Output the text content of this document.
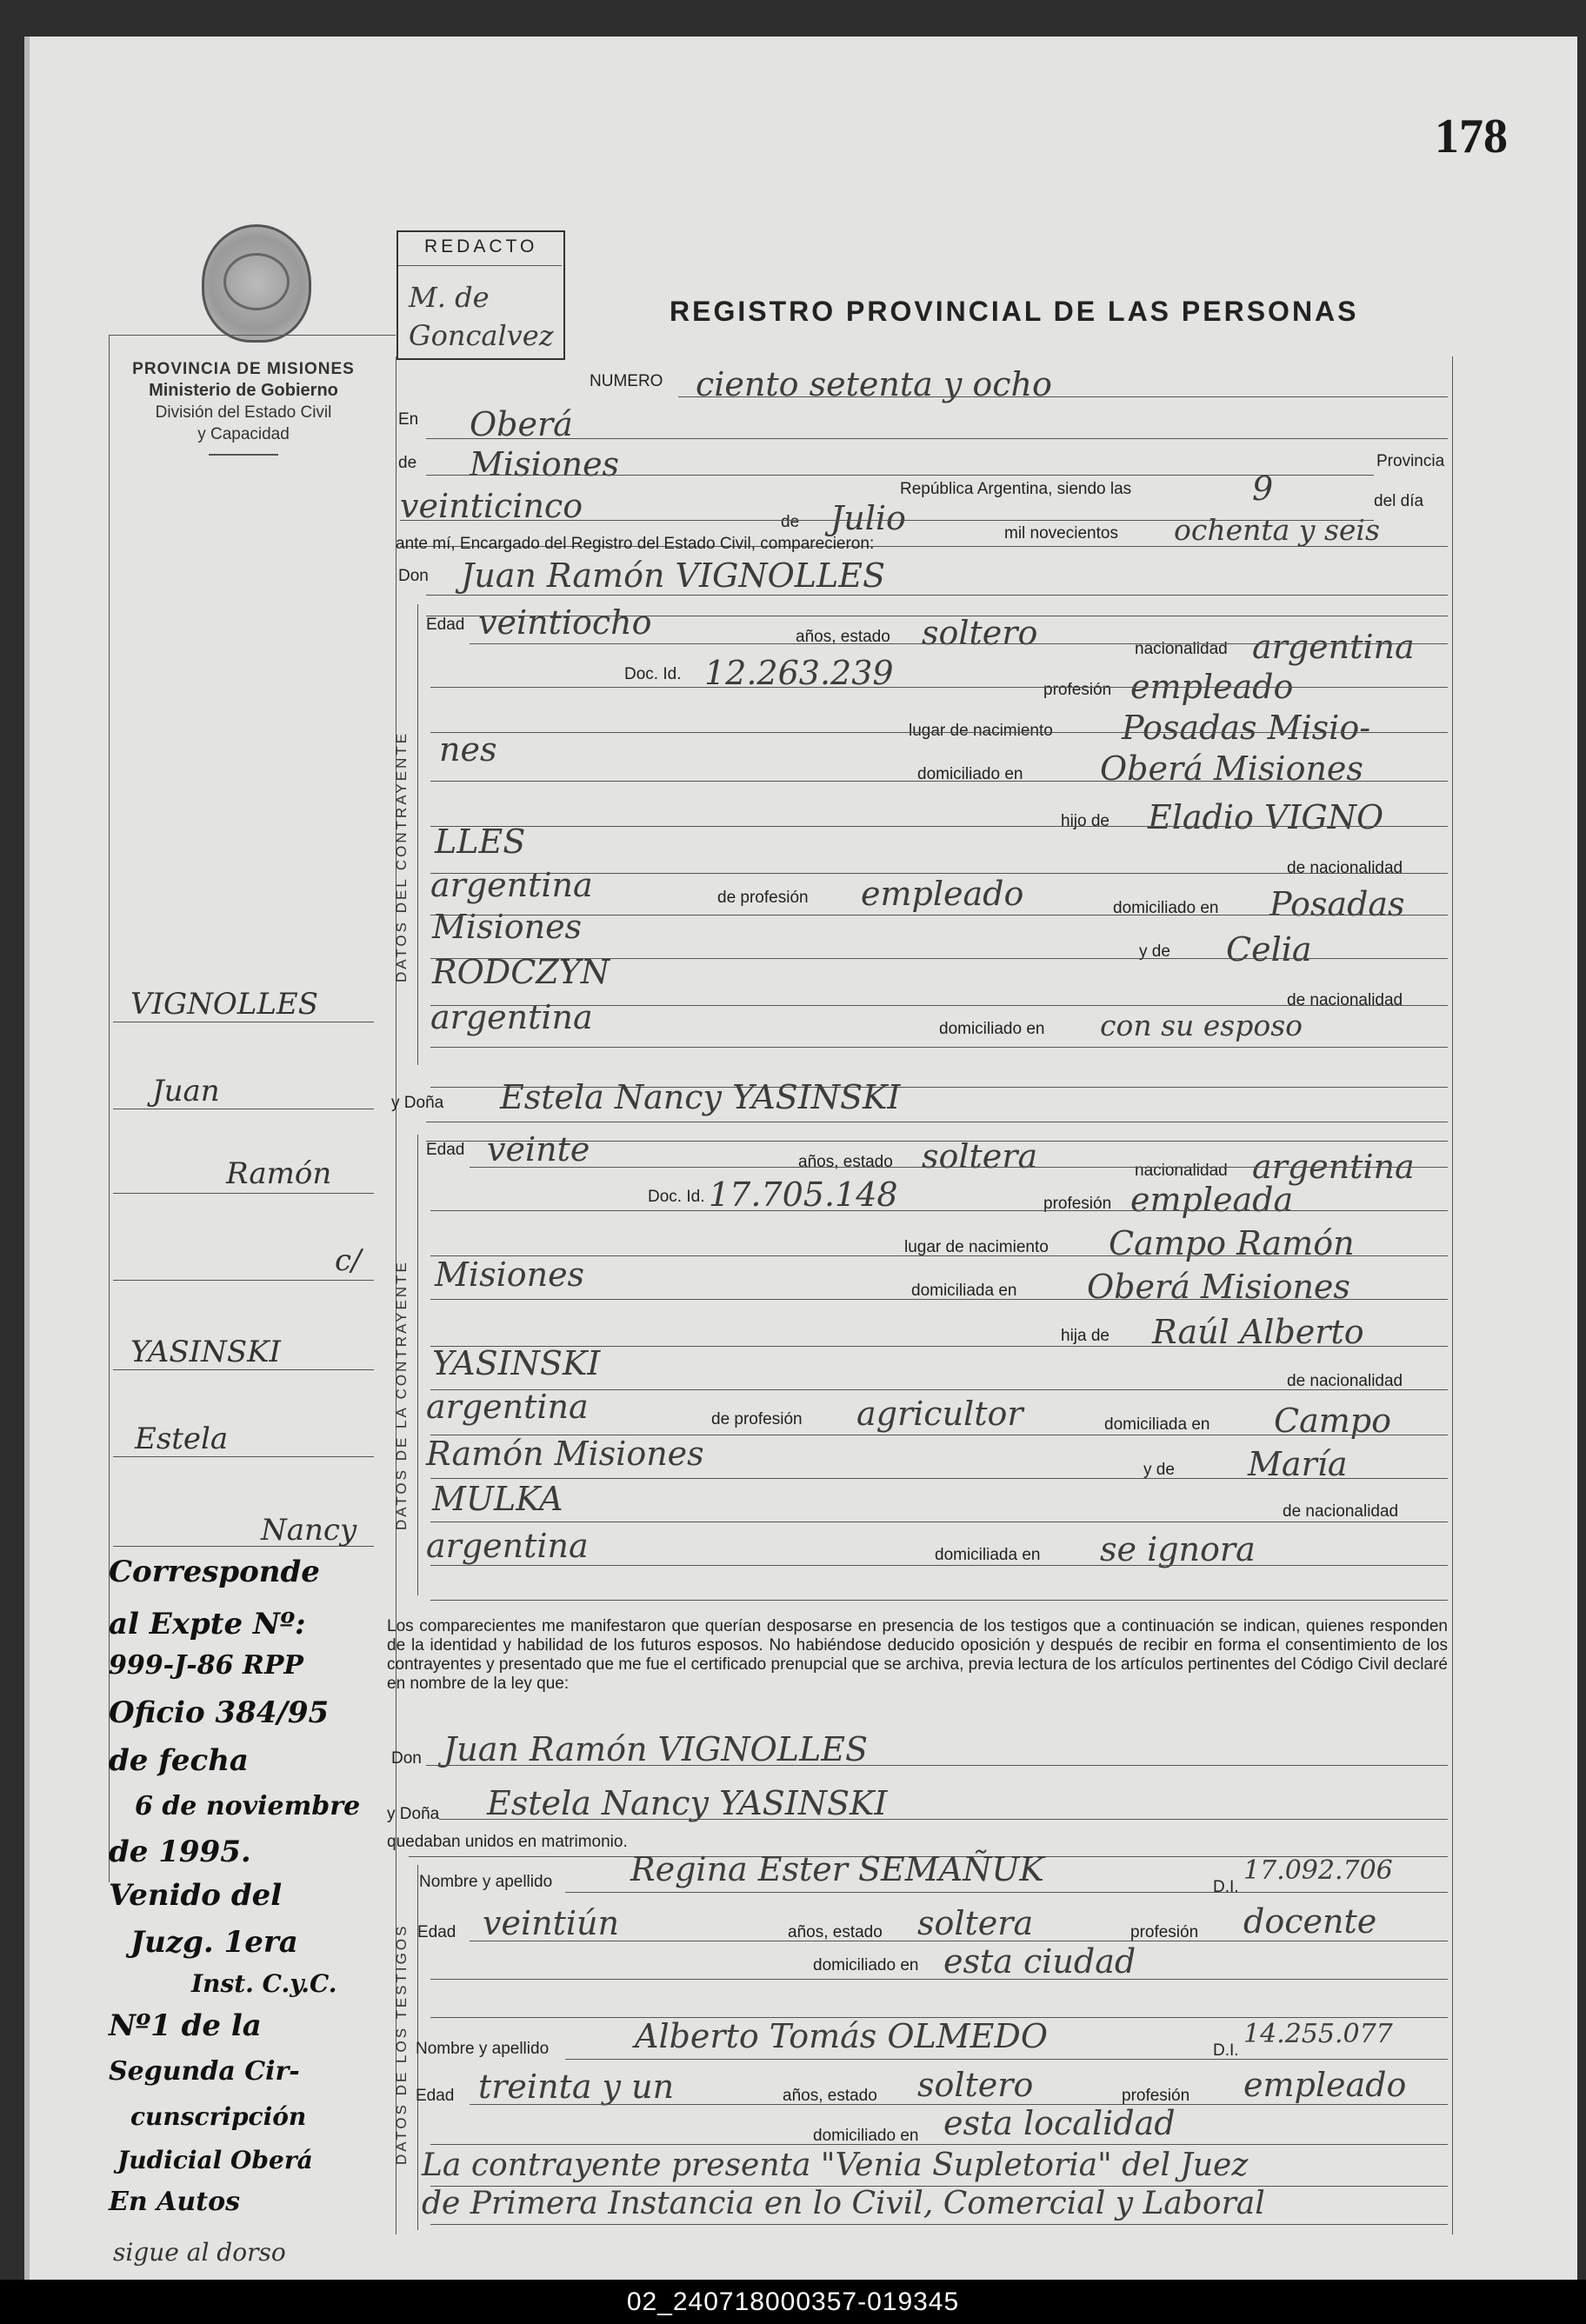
178
PROVINCIA DE MISIONES
Ministerio de Gobierno
División del Estado Civil
y Capacidad
REDACTO
M. de Goncalvez
REGISTRO PROVINCIAL DE LAS PERSONAS
NUMERO ciento setenta y ocho
En Oberá
de Misiones	Provincia
República Argentina, siendo las	9	del día
veinticinco	de Julio	mil novecientos ochenta y seis
ante mí, Encargado del Registro del Estado Civil, comparecieron:
Don Juan Ramón VIGNOLLES
DATOS DEL CONTRAYENTE
Edad veintiocho	años, estado soltero	nacionalidad argentina
Doc. Id. 12.263.239	profesión empleado
lugar de nacimiento Posadas Misio-
nes
domiciliado en Oberá Misiones
hijo de Eladio VIGNO
LLES
de nacionalidad
argentina	de profesión empleado	domiciliado en Posadas
Misiones
y de Celia
RODCZYN
de nacionalidad
argentina	domiciliado en con su esposo
y Doña Estela Nancy YASINSKI
DATOS DE LA CONTRAYENTE
Edad veinte	años, estado soltera	nacionalidad argentina
Doc. Id. 17.705.148	profesión empleada
lugar de nacimiento Campo Ramón
Misiones	domiciliada en Oberá Misiones
hija de Raúl Alberto
YASINSKI	de nacionalidad
argentina	de profesión agricultor	domiciliada en Campo
Ramón Misiones	y de María
MULKA	de nacionalidad
argentina	domiciliada en se ignora
Los comparecientes me manifestaron que querían desposarse en presencia de los testigos que a continuación se indican, quienes responden de la identidad y habilidad de los futuros esposos. No habiéndose deducido oposición y después de recibir en forma el consentimiento de los contrayentes y presentado que me fue el certificado prenupcial que se archiva, previa lectura de los artículos pertinentes del Código Civil declaré en nombre de la ley que:
Don Juan Ramón VIGNOLLES
y Doña Estela Nancy YASINSKI
quedaban unidos en matrimonio.
DATOS DE LOS TESTIGOS
Nombre y apellido Regina Ester SEMAÑUK	D.I.
17.092.706
Edad veintiún	años, estado soltera	profesión docente
domiciliado en esta ciudad
Nombre y apellido	Alberto Tomás OLMEDO	D.I.
14.255.077
Edad treinta y un	años, estado soltero	profesión empleado
domiciliado en esta localidad
La contrayente presenta "Venia Supletoria" del Juez
de Primera Instancia en lo Civil, Comercial y Laboral
VIGNOLLES
Juan
Ramón
c/
YASINSKI
Estela
Nancy
Corresponde
al Expte Nº:
999-J-86 RPP
Oficio 384/95
de fecha
6 de noviembre
de 1995.
Venido del
Juzg. 1era
Inst. C.y.C.
Nº1 de la
Segunda Cir-
cunscripción
Judicial Oberá
En Autos
sigue al dorso
02_240718000357-019345
